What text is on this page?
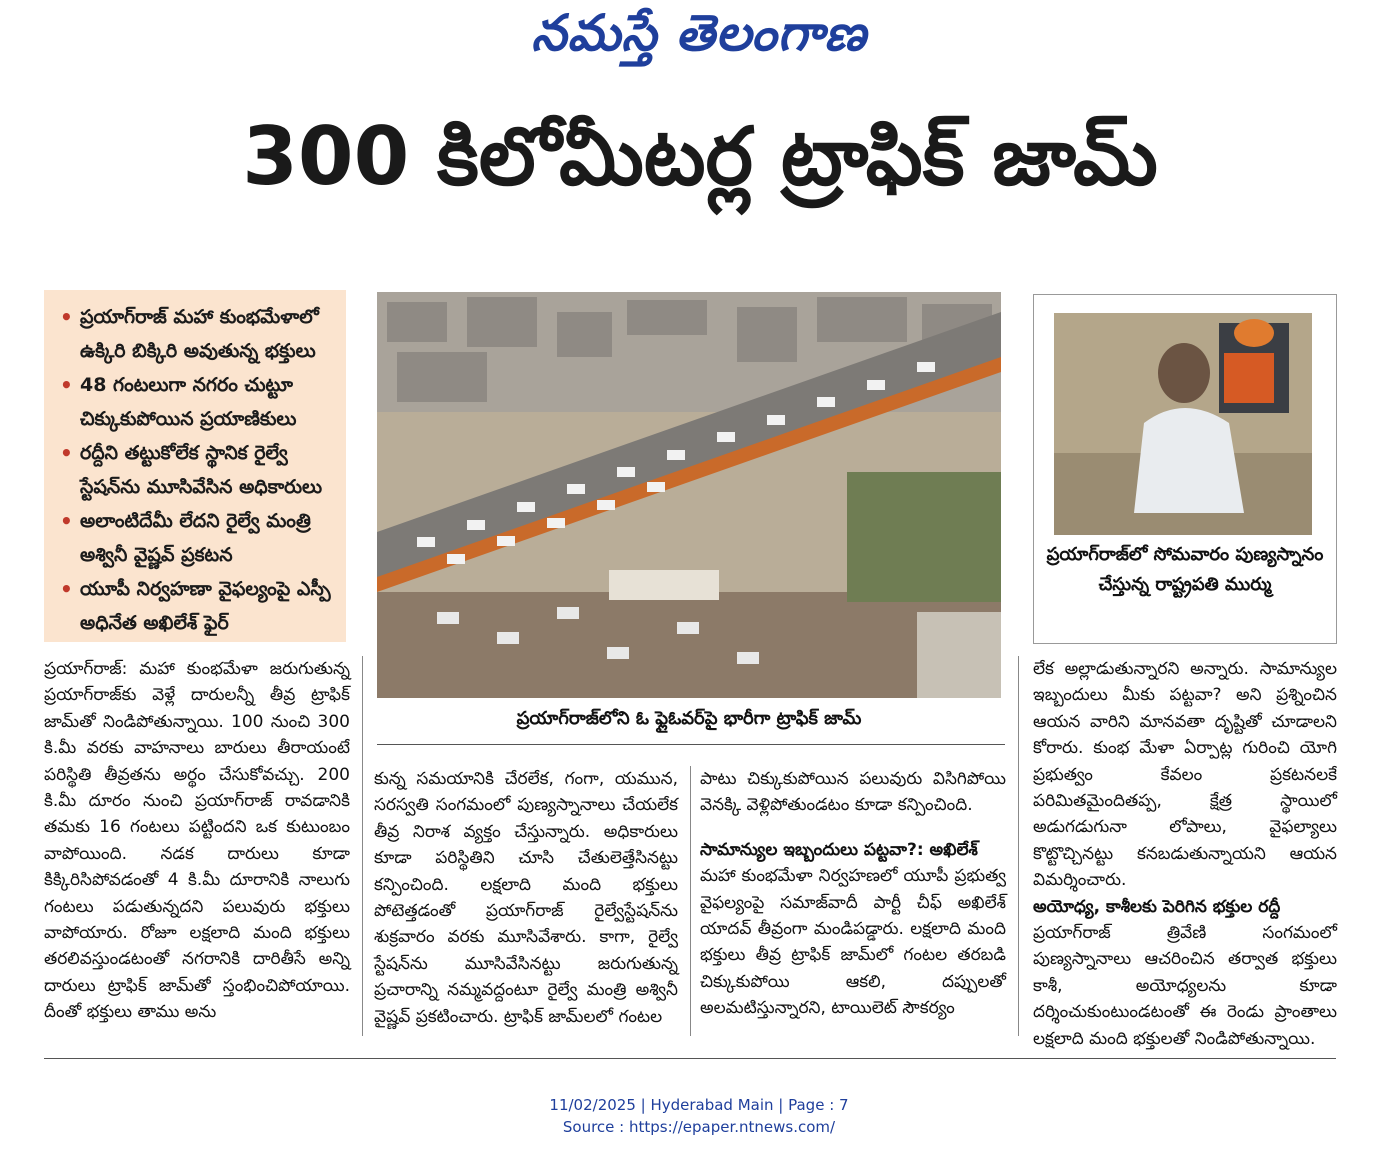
నమస్తే తెలంగాణ
300 కిలోమీటర్ల ట్రాఫిక్ జామ్
• ప్రయాగ్‌రాజ్ మహా కుంభమేళాలో ఉక్కిరి బిక్కిరి అవుతున్న భక్తులు
• 48 గంటలుగా నగరం చుట్టూ చిక్కుకుపోయిన ప్రయాణికులు
• రద్దీని తట్టుకోలేక స్థానిక రైల్వే స్టేషన్‌ను మూసివేసిన అధికారులు
• అలాంటిదేమీ లేదని రైల్వే మంత్రి అశ్వినీ వైష్ణవ్ ప్రకటన
• యూపీ నిర్వహణా వైఫల్యంపై ఎస్పీ అధినేత అఖిలేశ్ ఫైర్
ప్రయాగ్‌రాజ్‌లోని ఓ ఫ్లైఓవర్‌పై భారీగా ట్రాఫిక్ జామ్
ప్రయాగ్‌రాజ్‌లో సోమవారం పుణ్యస్నానం చేస్తున్న రాష్ట్రపతి ముర్ము

ప్రయాగ్‌రాజ్: మహా కుంభమేళా జరుగుతున్న ప్రయాగ్‌రాజ్‌కు వెళ్లే దారులన్నీ తీవ్ర ట్రాఫిక్ జామ్‌తో నిండిపోతున్నాయి. 100 నుంచి 300 కి.మీ వరకు వాహనాలు బారులు తీరాయంటే పరిస్థితి తీవ్రతను అర్థం చేసుకోవచ్చు. 200 కి.మీ దూరం నుంచి ప్రయాగ్‌రాజ్ రావడానికి తమకు 16 గంటలు పట్టిందని ఒక కుటుంబం వాపోయింది. నడక దారులు కూడా కిక్కిరిసిపోవడంతో 4 కి.మీ దూరానికి నాలుగు గంటలు పడుతున్నదని పలువురు భక్తులు వాపోయారు. రోజూ లక్షలాది మంది భక్తులు తరలివస్తుండటంతో నగరానికి దారితీసే అన్ని దారులు ట్రాఫిక్ జామ్‌తో స్తంభించిపోయాయి. దీంతో భక్తులు తాము అను

కున్న సమయానికి చేరలేక, గంగా, యమున, సరస్వతి సంగమంలో పుణ్యస్నానాలు చేయలేక తీవ్ర నిరాశ వ్యక్తం చేస్తున్నారు. అధికారులు కూడా పరిస్థితిని చూసి చేతులెత్తేసినట్టు కన్పించింది. లక్షలాది మంది భక్తులు పోటెత్తడంతో ప్రయాగ్‌రాజ్ రైల్వేస్టేషన్‌ను శుక్రవారం వరకు మూసివేశారు. కాగా, రైల్వే స్టేషన్‌ను మూసివేసినట్టు జరుగుతున్న ప్రచారాన్ని నమ్మవద్దంటూ రైల్వే మంత్రి అశ్వినీ వైష్ణవ్ ప్రకటించారు. ట్రాఫిక్ జామ్‌లలో గంటల

పాటు చిక్కుకుపోయిన పలువురు విసిగిపోయి వెనక్కి వెళ్లిపోతుండటం కూడా కన్పించింది.

సామాన్యుల ఇబ్బందులు పట్టవా?: అఖిలేశ్

మహా కుంభమేళా నిర్వహణలో యూపీ ప్రభుత్వ వైఫల్యంపై సమాజ్‌వాదీ పార్టీ చీఫ్ అఖిలేశ్ యాదవ్ తీవ్రంగా మండిపడ్డారు. లక్షలాది మంది భక్తులు తీవ్ర ట్రాఫిక్ జామ్‌లో గంటల తరబడి చిక్కుకుపోయి ఆకలి, దప్పులతో అలమటిస్తున్నారని, టాయిలెట్ సౌకర్యం

లేక అల్లాడుతున్నారని అన్నారు. సామాన్యుల ఇబ్బందులు మీకు పట్టవా? అని ప్రశ్నించిన ఆయన వారిని మానవతా దృష్టితో చూడాలని కోరారు. కుంభ మేళా ఏర్పాట్ల గురించి యోగి ప్రభుత్వం కేవలం ప్రకటనలకే పరిమితమైందితప్ప, క్షేత్ర స్థాయిలో అడుగడుగునా లోపాలు, వైఫల్యాలు కొట్టొచ్చినట్టు కనబడుతున్నాయని ఆయన విమర్శించారు.

అయోధ్య, కాశీలకు పెరిగిన భక్తుల రద్దీ

ప్రయాగ్‌రాజ్ త్రివేణి సంగమంలో పుణ్యస్నానాలు ఆచరించిన తర్వాత భక్తులు కాశీ, అయోధ్యలను కూడా దర్శించుకుంటుండటంతో ఈ రెండు ప్రాంతాలు లక్షలాది మంది భక్తులతో నిండిపోతున్నాయి.

11/02/2025 | Hyderabad Main | Page : 7
Source : https://epaper.ntnews.com/
